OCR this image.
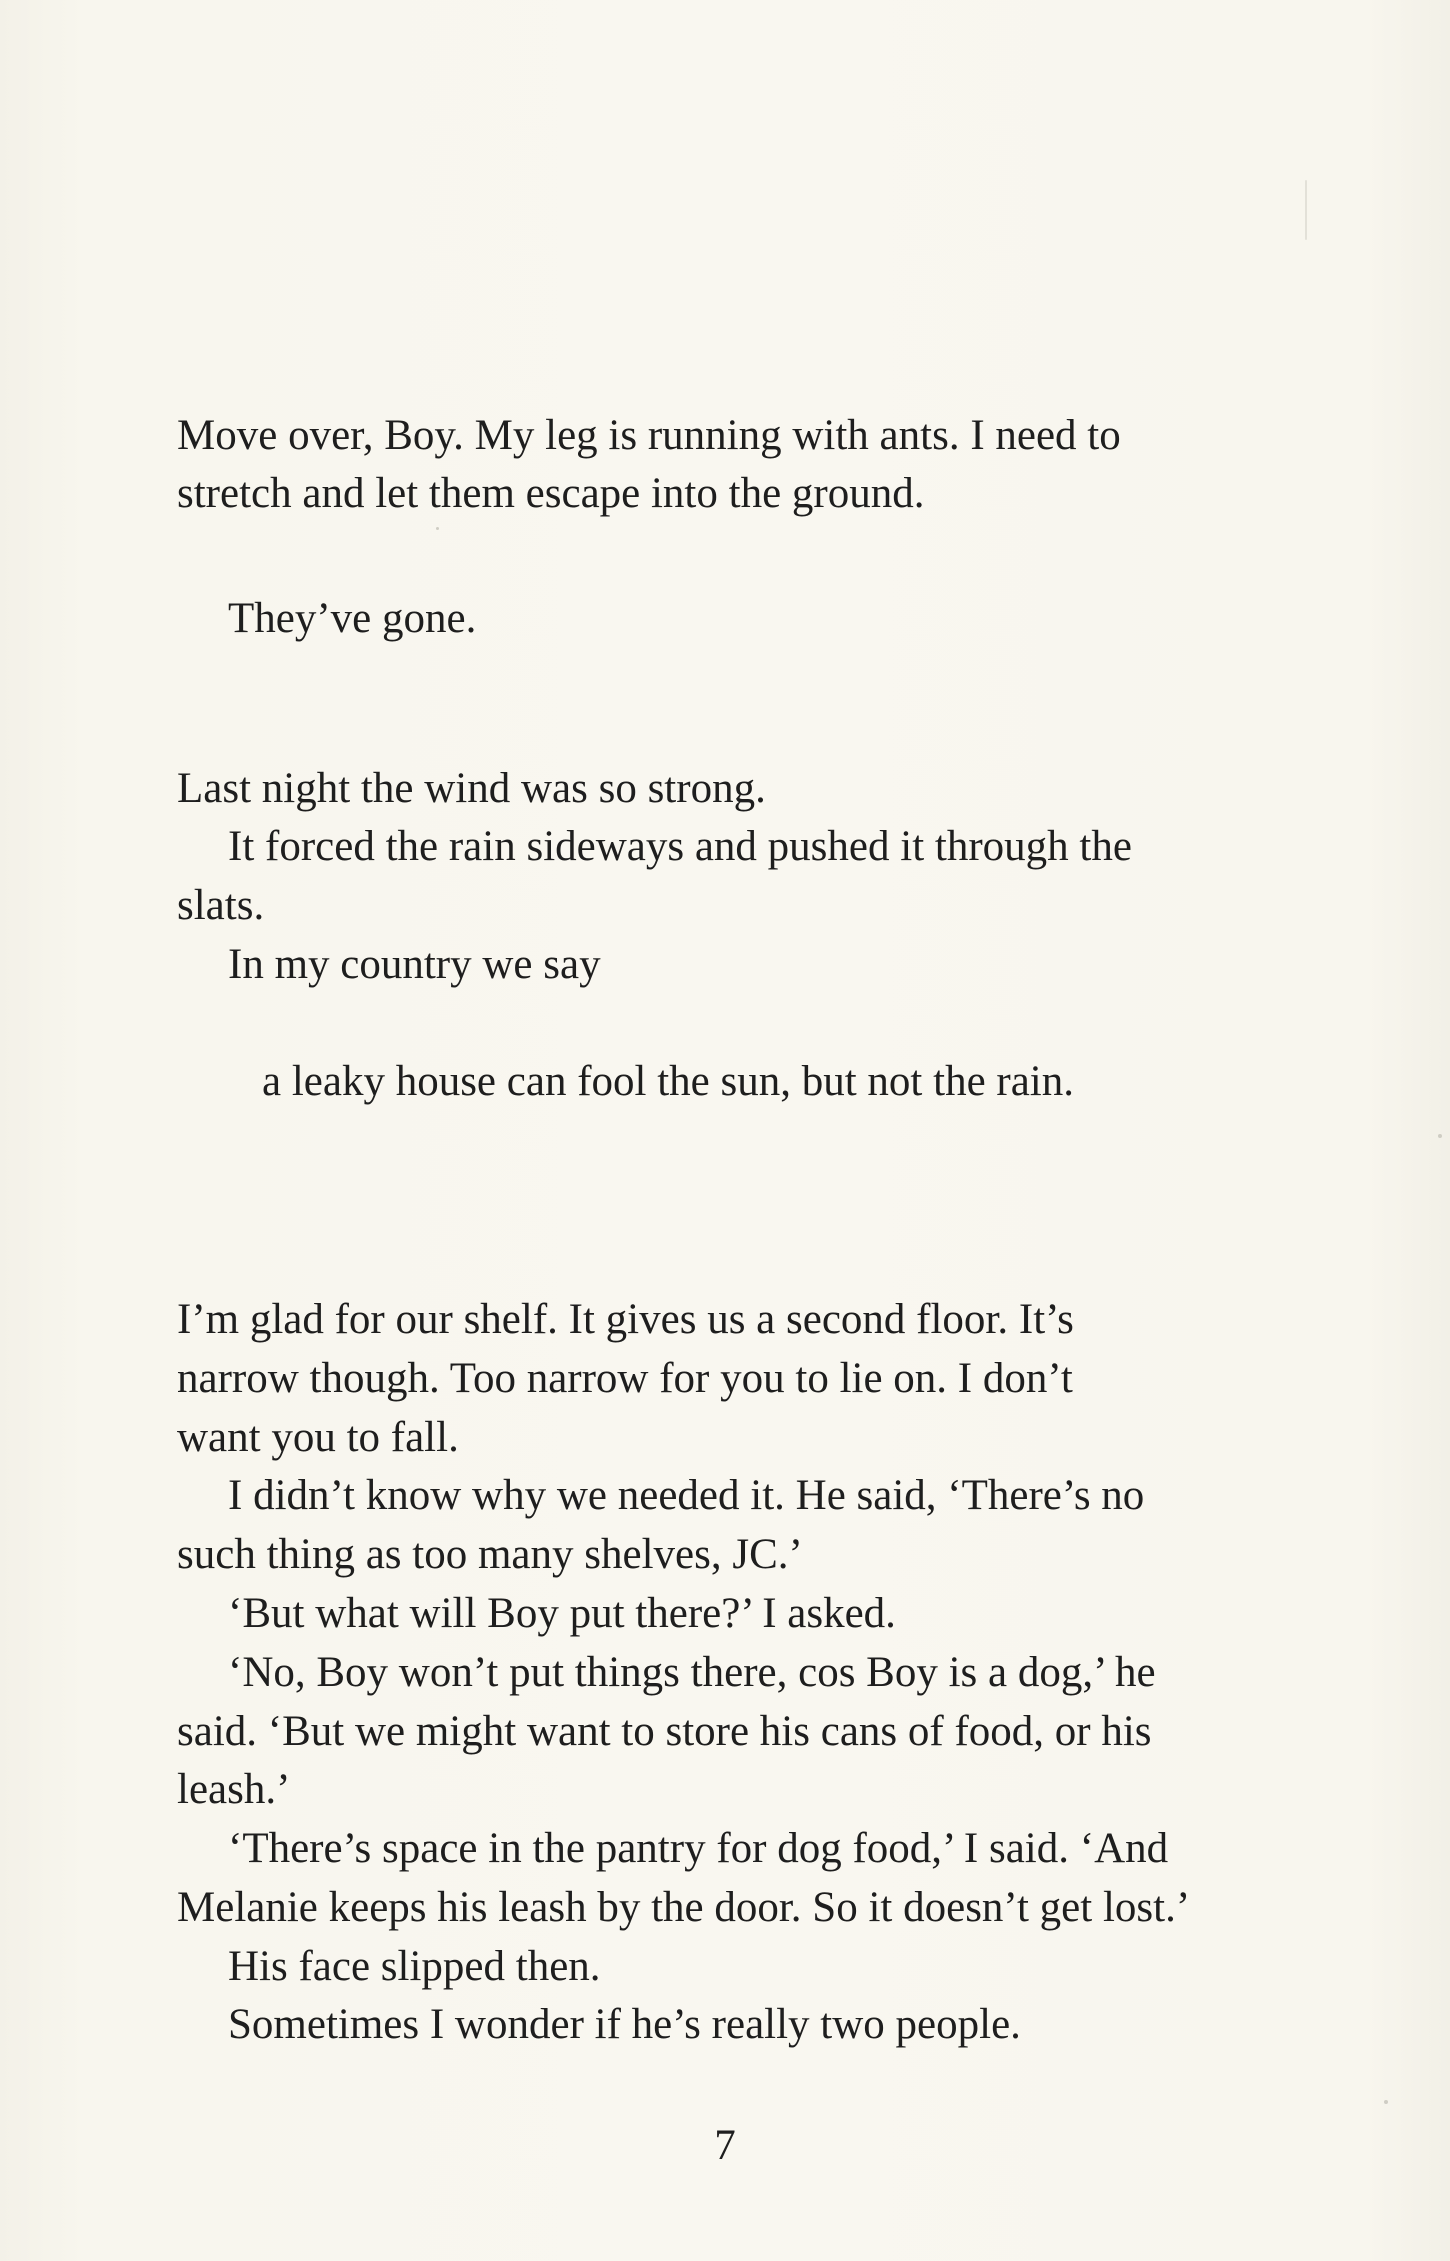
Move over, Boy. My leg is running with ants. I need to

stretch and let them escape into the ground.

They’ve gone.

Last night the wind was so strong.

It forced the rain sideways and pushed it through the

slats.

In my country we say

a leaky house can fool the sun, but not the rain.

I’m glad for our shelf. It gives us a second floor. It’s

narrow though. Too narrow for you to lie on. I don’t

want you to fall.

I didn’t know why we needed it. He said, ‘There’s no

such thing as too many shelves, JC.’

‘But what will Boy put there?’ I asked.

‘No, Boy won’t put things there, cos Boy is a dog,’ he

said. ‘But we might want to store his cans of food, or his

leash.’

‘There’s space in the pantry for dog food,’ I said. ‘And

Melanie keeps his leash by the door. So it doesn’t get lost.’

His face slipped then.

Sometimes I wonder if he’s really two people.

7
